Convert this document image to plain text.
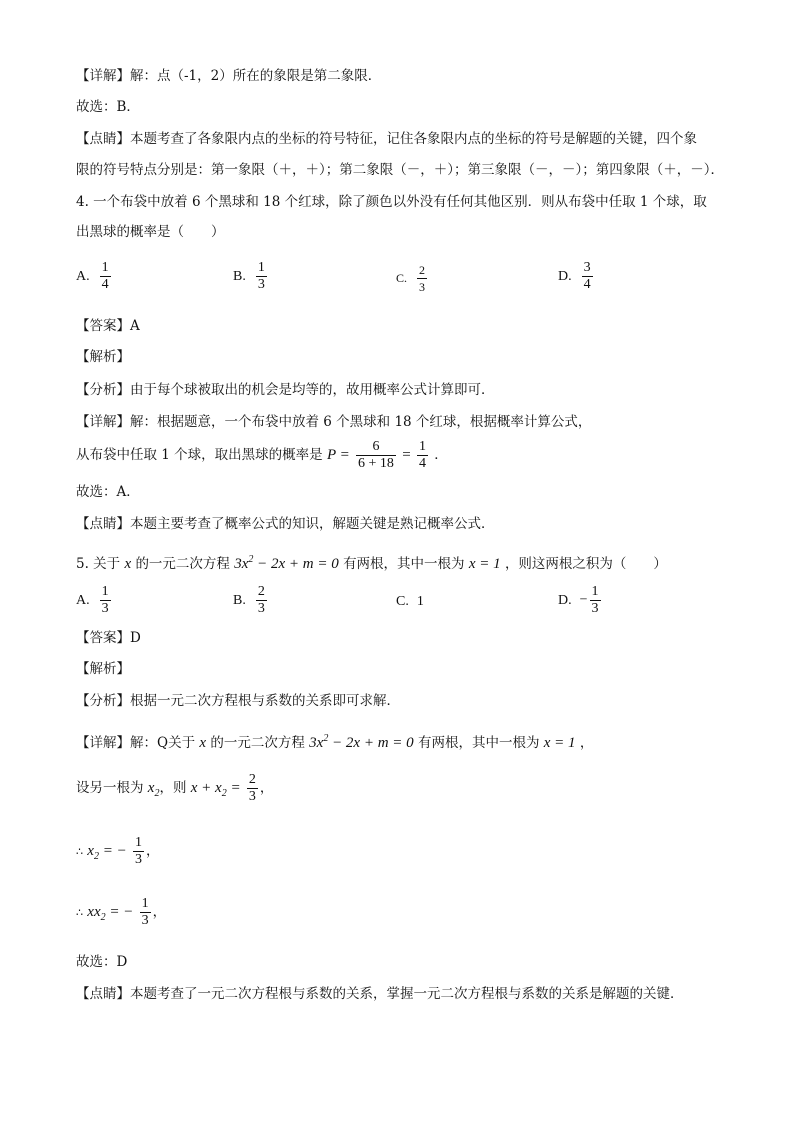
【详解】解：点（-1，2）所在的象限是第二象限．
故选：B．
【点睛】本题考查了各象限内点的坐标的符号特征，记住各象限内点的坐标的符号是解题的关键，四个象
限的符号特点分别是：第一象限（＋，＋）；第二象限（－，＋）；第三象限（－，－）；第四象限（＋，－）．
4. 一个布袋中放着 6 个黑球和 18 个红球，除了颜色以外没有任何其他区别．则从布袋中任取 1 个球，取
出黑球的概率是（　　）
A. $\frac{1}{4}$	B. $\frac{1}{3}$	C. $\frac{2}{3}$	D. $\frac{3}{4}$
【答案】A
【解析】
【分析】由于每个球被取出的机会是均等的，故用概率公式计算即可．
【详解】解：根据题意，一个布袋中放着 6 个黑球和 18 个红球，根据概率计算公式，
从布袋中任取 1 个球，取出黑球的概率是 $P = \frac{6}{6 + 18} = \frac{1}{4}$ ．
故选：A．
【点睛】本题主要考查了概率公式的知识，解题关键是熟记概率公式．
5. 关于 x 的一元二次方程 $3x^2 - 2x + m = 0$ 有两根，其中一根为 x = 1 ，则这两根之积为（　　）
A. $\frac{1}{3}$	B. $\frac{2}{3}$	C. 1	D. − $\frac{1}{3}$
【答案】D
【解析】
【分析】根据一元二次方程根与系数的关系即可求解．
【详解】解：Q关于 x 的一元二次方程 $3x^2 - 2x + m = 0$ 有两根，其中一根为 x = 1 ，
设另一根为 $x_2$，则 $x + x_2 = \frac{2}{3}$ ，
∴ $x_2$ = − $\frac{1}{3}$ ，
∴ $xx_2$ = − $\frac{1}{3}$ ，
故选：D
【点睛】本题考查了一元二次方程根与系数的关系，掌握一元二次方程根与系数的关系是解题的关键．
